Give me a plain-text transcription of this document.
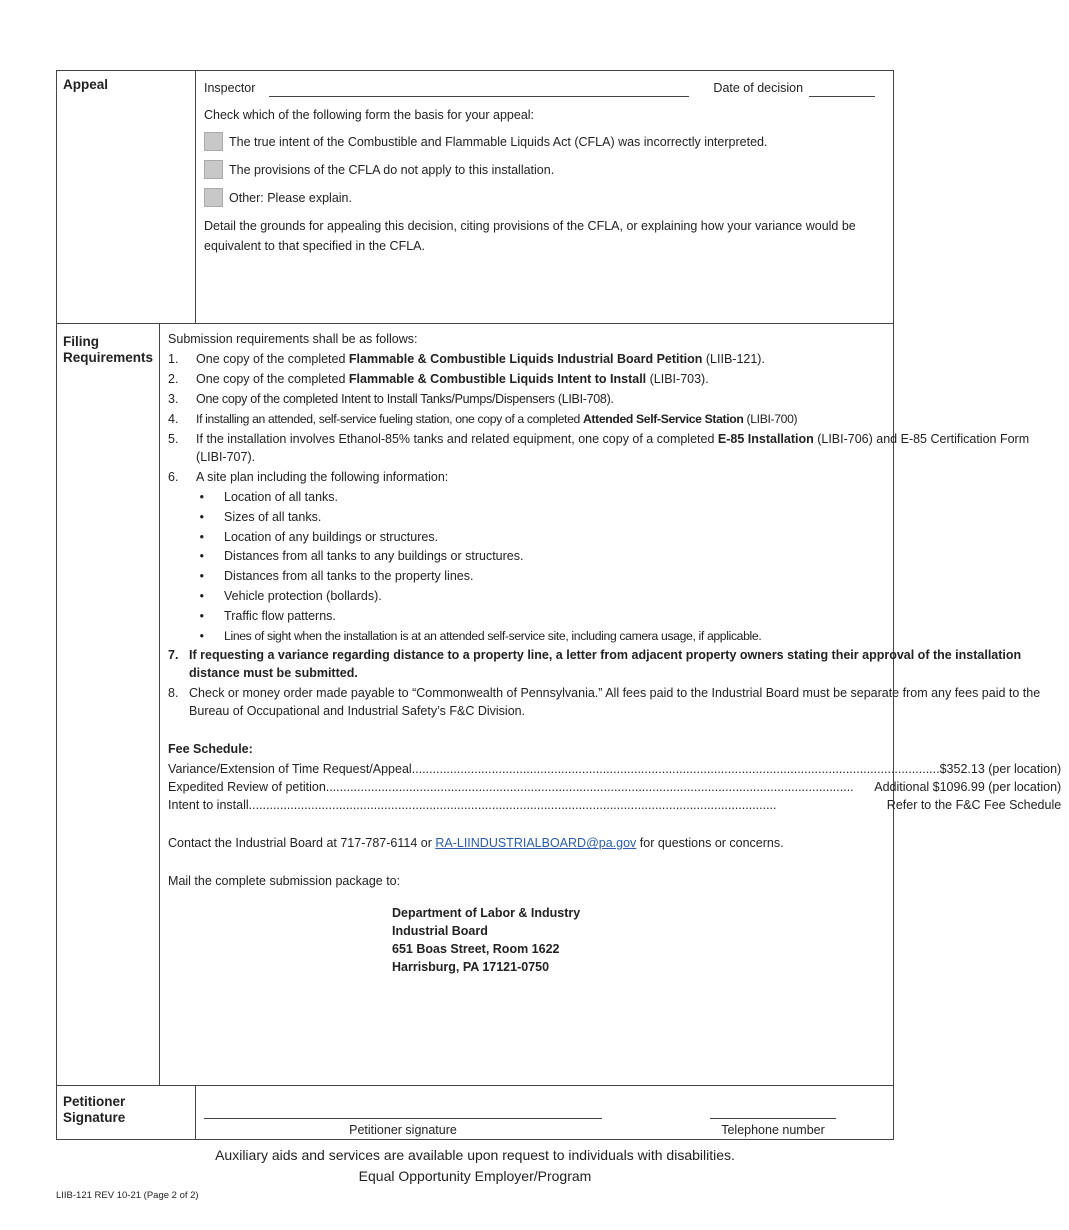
Appeal	Inspector	Date of decision

Check which of the following form the basis for your appeal:

The true intent of the Combustible and Flammable Liquids Act (CFLA) was incorrectly interpreted.
The provisions of the CFLA do not apply to this installation.
Other: Please explain.

Detail the grounds for appealing this decision, citing provisions of the CFLA, or explaining how your variance would be equivalent to that specified in the CFLA.

Filing
Requirements

Submission requirements shall be as follows:

1.	One copy of the completed Flammable & Combustible Liquids Industrial Board Petition (LIIB-121).
2.	One copy of the completed Flammable & Combustible Liquids Intent to Install (LIBI-703).
3.	One copy of the completed Intent to Install Tanks/Pumps/Dispensers (LIBI-708).
4.	If installing an attended, self-service fueling station, one copy of a completed Attended Self-Service Station (LIBI-700)
5.	If the installation involves Ethanol-85% tanks and related equipment, one copy of a completed E-85 Installation (LIBI-706) and E-85 Certification Form (LIBI-707).
6.	A site plan including the following information:
•	Location of all tanks.
•	Sizes of all tanks.
•	Location of any buildings or structures.
•	Distances from all tanks to any buildings or structures.
•	Distances from all tanks to the property lines.
•	Vehicle protection (bollards).
•	Traffic flow patterns.
•	Lines of sight when the installation is at an attended self-service site, including camera usage, if applicable.
7. If requesting a variance regarding distance to a property line, a letter from adjacent property owners stating their approval of the installation distance must be submitted.
8. Check or money order made payable to “Commonwealth of Pennsylvania.” All fees paid to the Industrial Board must be separate from any fees paid to the Bureau of Occupational and Industrial Safety’s F&C Division.

Fee Schedule:

Variance/Extension of Time Request/Appeal ........................................................................................................................................................ $352.13 (per location)
Expedited Review of petition ........................................................................................................................................................	Additional $1096.99 (per location)
Intent to install ........................................................................................................................................................	Refer to the F&C Fee Schedule

Contact the Industrial Board at 717-787-6114 or RA-LIINDUSTRIALBOARD@pa.gov for questions or concerns.

Mail the complete submission package to:

Department of Labor & Industry
Industrial Board
651 Boas Street, Room 1622
Harrisburg, PA 17121-0750
Petitioner
Signature
Petitioner signature	Telephone number
Auxiliary aids and services are available upon request to individuals with disabilities.
Equal Opportunity Employer/Program
LIIB-121 REV 10-21 (Page 2 of 2)
